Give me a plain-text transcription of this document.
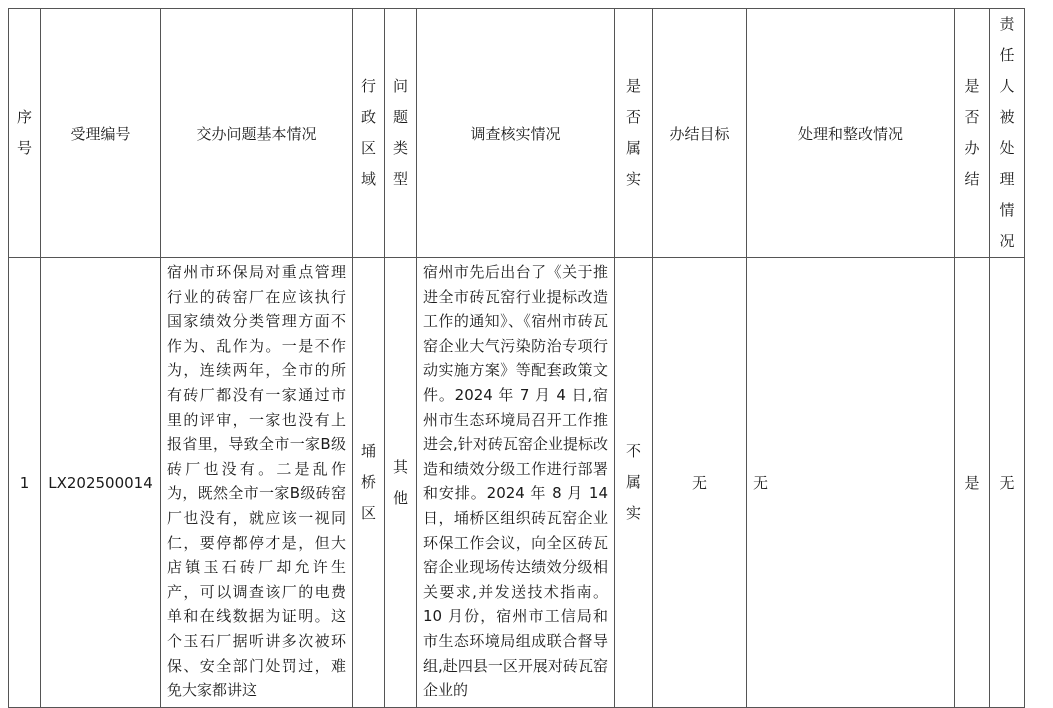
序号	受理编号	交办问题基本情况	行政区域	问题类型	调查核实情况	是否属实	办结目标	处理和整改情况	是否办结	责任人被处理情况
1	LX202500014	宿州市环保局对重点管理行业的砖窑厂在应该执行国家绩效分类管理方面不作为、乱作为。一是不作为，连续两年，全市的所有砖厂都没有一家通过市里的评审，一家也没有上报省里，导致全市一家B级砖厂也没有。二是乱作为，既然全市一家B级砖窑厂也没有，就应该一视同仁，要停都停才是，但大店镇玉石砖厂却允许生产，可以调查该厂的电费单和在线数据为证明。这个玉石厂据听讲多次被环保、安全部门处罚过，难免大家都讲这	埇桥区	其他	宿州市先后出台了《关于推进全市砖瓦窑行业提标改造工作的通知》、《宿州市砖瓦窑企业大气污染防治专项行动实施方案》等配套政策文件。2024 年 7 月 4 日,宿州市生态环境局召开工作推进会,针对砖瓦窑企业提标改造和绩效分级工作进行部署和安排。2024 年 8 月 14 日，埇桥区组织砖瓦窑企业环保工作会议，向全区砖瓦窑企业现场传达绩效分级相关要求,并发送技术指南。10 月份，宿州市工信局和市生态环境局组成联合督导组,赴四县一区开展对砖瓦窑企业的	不属实	无	无	是	无
